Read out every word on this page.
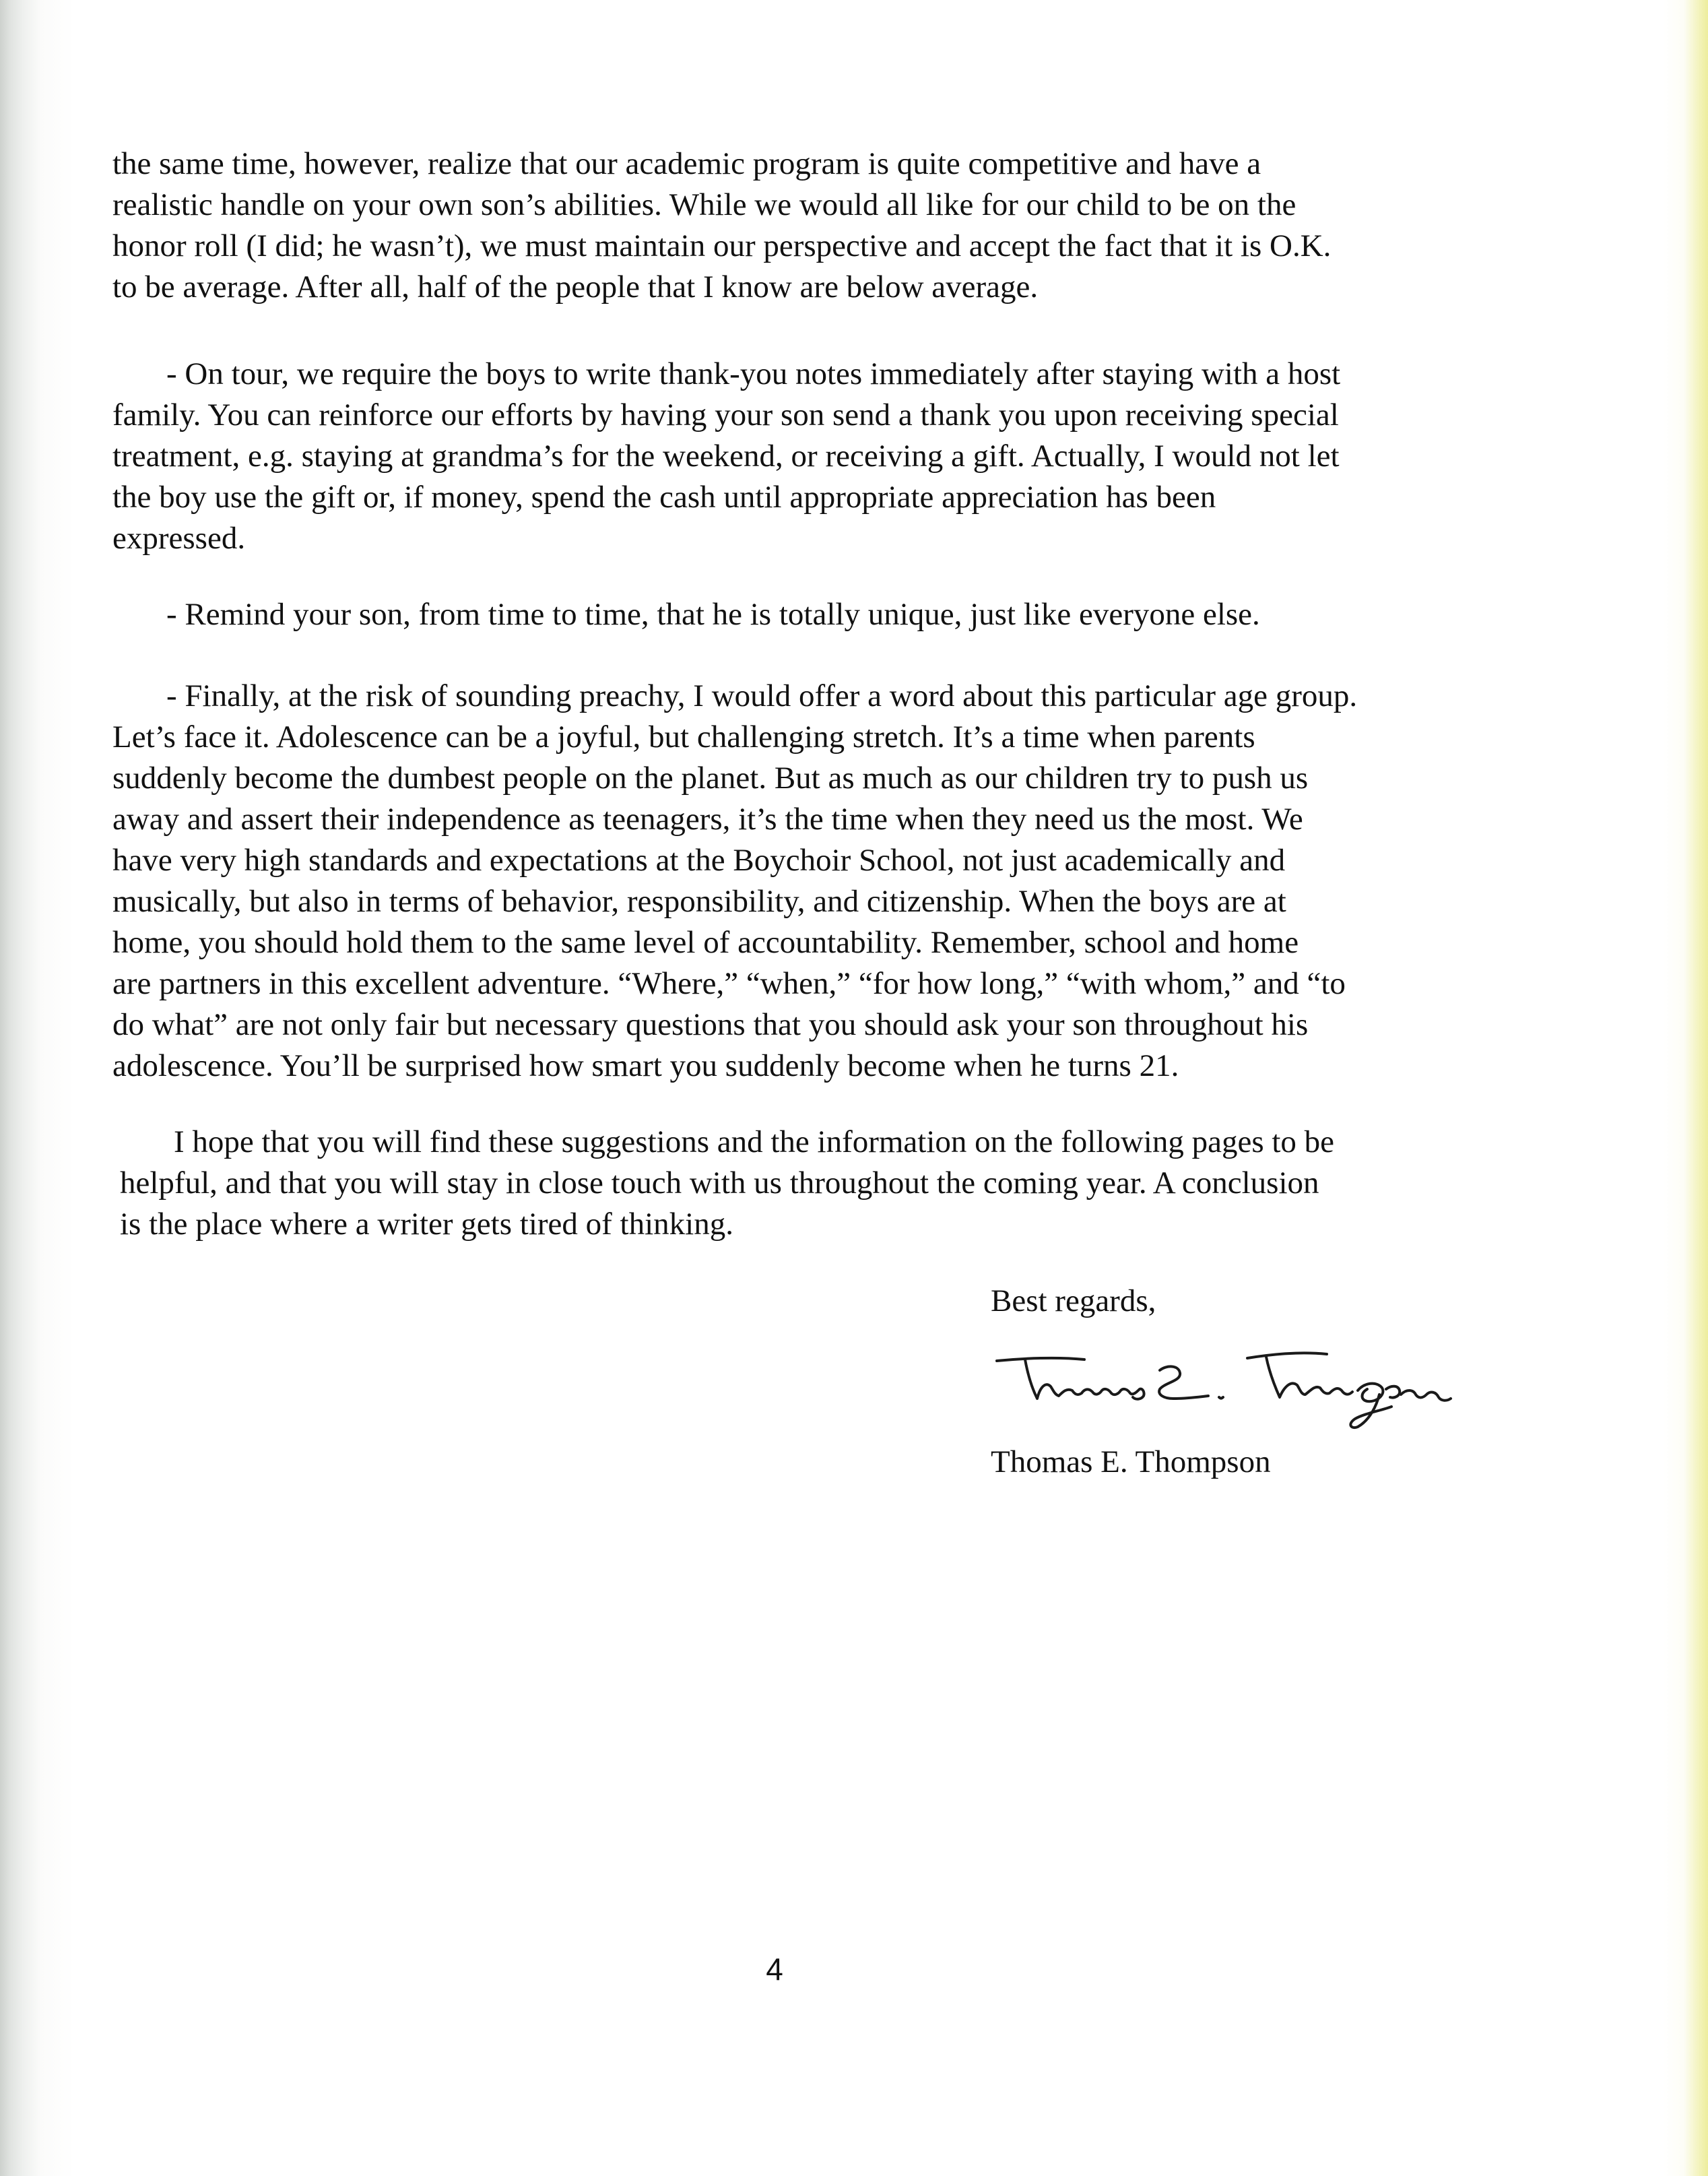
the same time, however, realize that our academic program is quite competitive and have a
realistic handle on your own son’s abilities. While we would all like for our child to be on the
honor roll (I did; he wasn’t), we must maintain our perspective and accept the fact that it is O.K.
to be average. After all, half of the people that I know are below average.
- On tour, we require the boys to write thank-you notes immediately after staying with a host
family. You can reinforce our efforts by having your son send a thank you upon receiving special
treatment, e.g. staying at grandma’s for the weekend, or receiving a gift. Actually, I would not let
the boy use the gift or, if money, spend the cash until appropriate appreciation has been
expressed.
- Remind your son, from time to time, that he is totally unique, just like everyone else.
- Finally, at the risk of sounding preachy, I would offer a word about this particular age group.
Let’s face it. Adolescence can be a joyful, but challenging stretch. It’s a time when parents
suddenly become the dumbest people on the planet. But as much as our children try to push us
away and assert their independence as teenagers, it’s the time when they need us the most. We
have very high standards and expectations at the Boychoir School, not just academically and
musically, but also in terms of behavior, responsibility, and citizenship. When the boys are at
home, you should hold them to the same level of accountability. Remember, school and home
are partners in this excellent adventure. “Where,” “when,” “for how long,” “with whom,” and “to
do what” are not only fair but necessary questions that you should ask your son throughout his
adolescence. You’ll be surprised how smart you suddenly become when he turns 21.
I hope that you will find these suggestions and the information on the following pages to be
helpful, and that you will stay in close touch with us throughout the coming year. A conclusion
is the place where a writer gets tired of thinking.
Best regards,
Thomas E. Thompson
4
